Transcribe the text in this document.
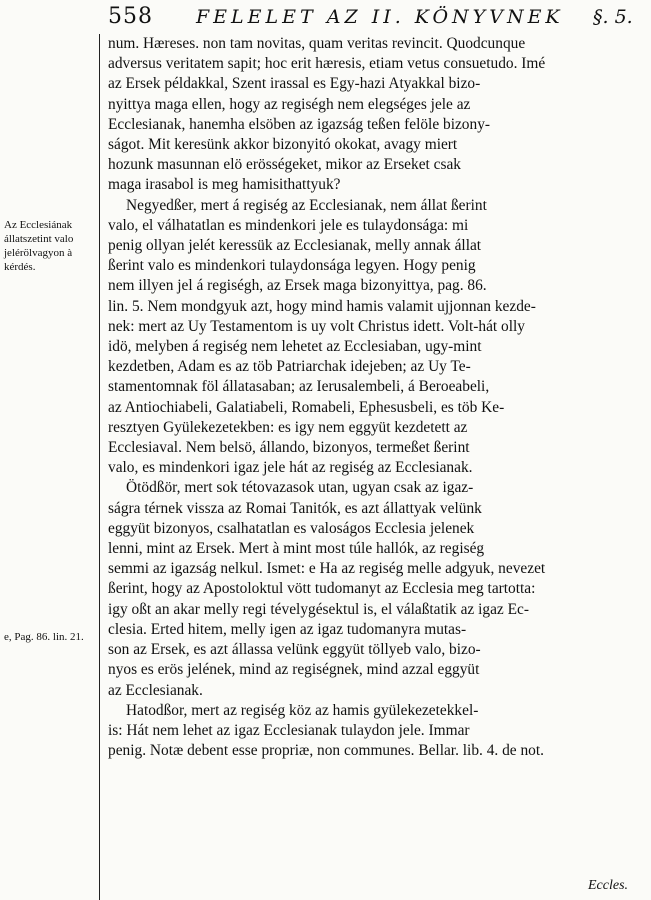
558 FELELET AZ II. KÖNYVNEK §. 5.
Az Ecclesiának állatszetint valo jelérölvagyon à kérdés.
e, Pag. 86. lin. 21.
num. Hæreses. non tam novitas, quam veritas revincit. Quodcunque
adversus veritatem sapit; hoc erit hæresis, etiam vetus consuetudo. Imé
az Ersek példakkal, Szent irassal es Egy-hazi Atyakkal bizo-
nyittya maga ellen, hogy az regiségh nem elegséges jele az
Ecclesianak, hanemha elsöben az igazság teßen felöle bizony-
ságot. Mit keresünk akkor bizonyitó okokat, avagy miert
hozunk masunnan elö erösségeket, mikor az Erseket csak
maga irasabol is meg hamisithattyuk?
Negyedßer, mert á regiség az Ecclesianak, nem állat ßerint
valo, el válhatatlan es mindenkori jele es tulaydonsága: mi
penig ollyan jelét keressük az Ecclesianak, melly annak állat
ßerint valo es mindenkori tulaydonsága legyen. Hogy penig
nem illyen jel á regiségh, az Ersek maga bizonyittya, pag. 86.
lin. 5. Nem mondgyuk azt, hogy mind hamis valamit ujjonnan kezde-
nek: mert az Uy Testamentom is uy volt Christus idett. Volt-hát olly
idö, melyben á regiség nem lehetet az Ecclesiaban, ugy-mint
kezdetben, Adam es az töb Patriarchak idejeben; az Uy Te-
stamentomnak föl állatasaban; az Ierusalembeli, á Beroeabeli,
az Antiochiabeli, Galatiabeli, Romabeli, Ephesusbeli, es töb Ke-
resztyen Gyülekezetekben: es igy nem eggyüt kezdetett az
Ecclesiaval. Nem belsö, állando, bizonyos, termeßet ßerint
valo, es mindenkori igaz jele hát az regiség az Ecclesianak.
Ötödßör, mert sok tétovazasok utan, ugyan csak az igaz-
ságra térnek vissza az Romai Tanitók, es azt állattyak velünk
eggyüt bizonyos, csalhatatlan es valoságos Ecclesia jelenek
lenni, mint az Ersek. Mert à mint most túle hallók, az regiség
semmi az igazság nelkul. Ismet: e Ha az regiség melle adgyuk, nevezet
ßerint, hogy az Apostoloktul vött tudomanyt az Ecclesia meg tartotta:
igy oßt an akar melly regi tévelygésektul is, el válaßtatik az igaz Ec-
clesia. Erted hitem, melly igen az igaz tudomanyra mutas-
son az Ersek, es azt állassa velünk eggyüt töllyeb valo, bizo-
nyos es erös jelének, mind az regiségnek, mind azzal eggyüt
az Ecclesianak.
Hatodßor, mert az regiség köz az hamis gyülekezetekkel-
is: Hát nem lehet az igaz Ecclesianak tulaydon jele. Immar
penig. Notæ debent esse propriæ, non communes. Bellar. lib. 4. de not.
Eccles.
